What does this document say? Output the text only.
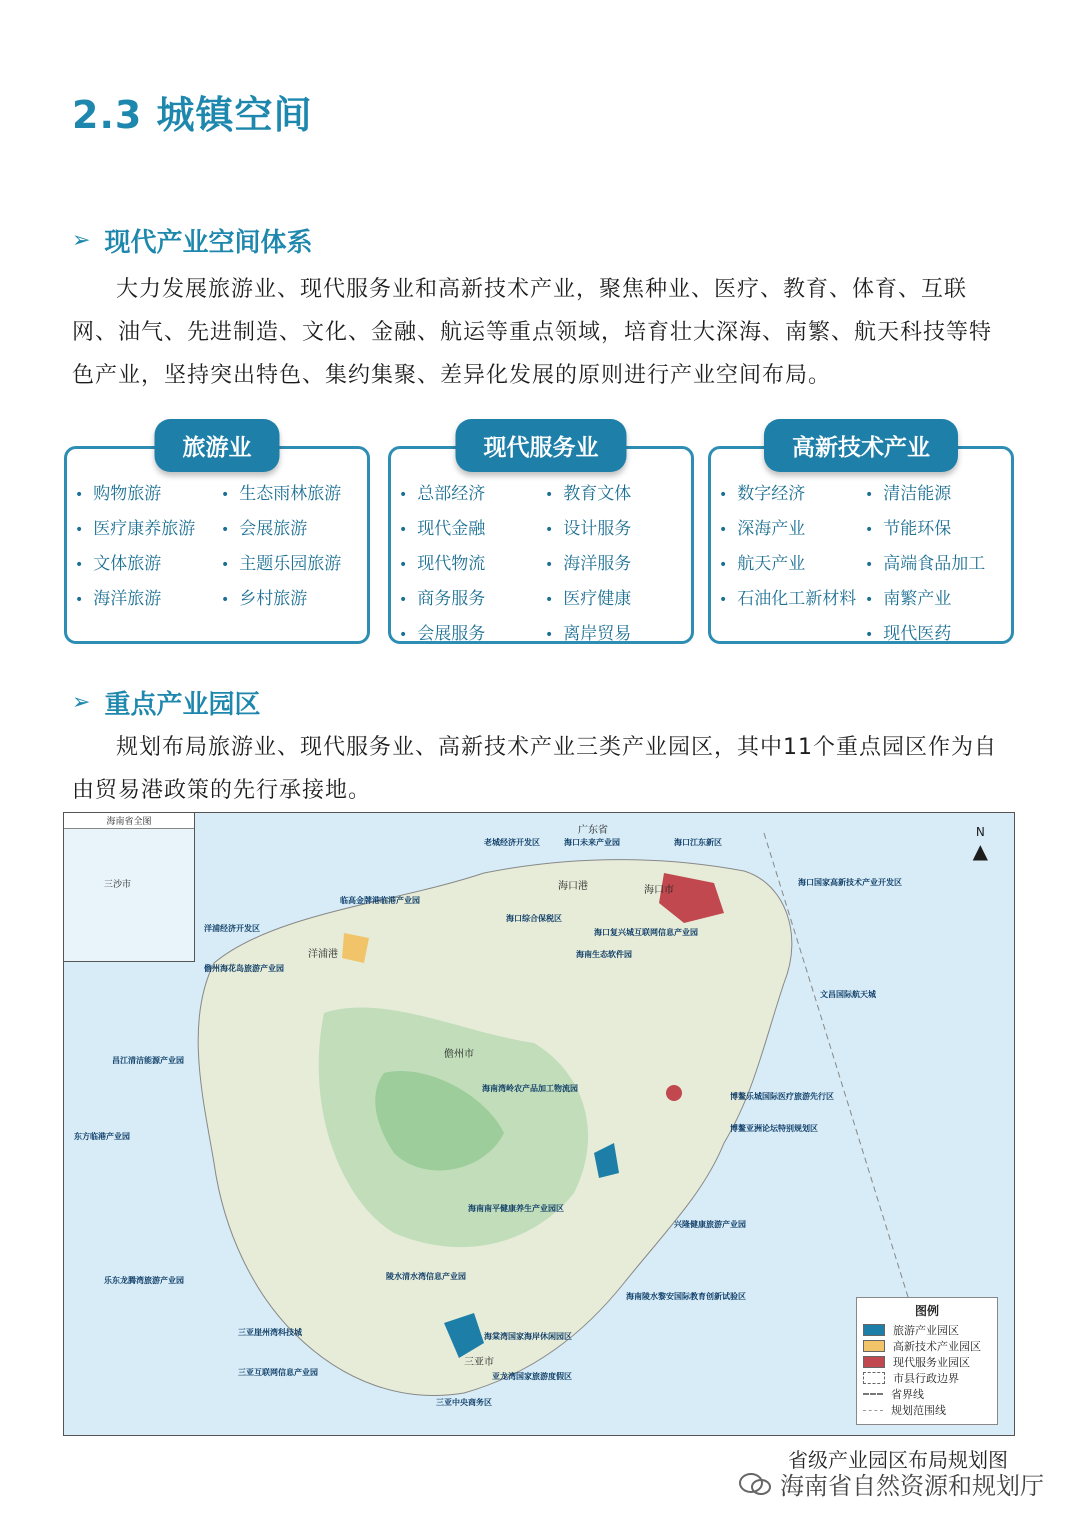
2.3 城镇空间
➢ 现代产业空间体系
大力发展旅游业、现代服务业和高新技术产业，聚焦种业、医疗、教育、体育、互联网、油气、先进制造、文化、金融、航运等重点领域，培育壮大深海、南繁、航天科技等特色产业，坚持突出特色、集约集聚、差异化发展的原则进行产业空间布局。
旅游业
• 购物旅游	• 生态雨林旅游
• 医疗康养旅游	• 会展旅游
• 文体旅游	• 主题乐园旅游
• 海洋旅游	• 乡村旅游
现代服务业
• 总部经济	• 教育文体
• 现代金融	• 设计服务
• 现代物流	• 海洋服务
• 商务服务	• 医疗健康
• 会展服务	• 离岸贸易
高新技术产业
• 数字经济	• 清洁能源
• 深海产业	• 节能环保
• 航天产业	• 高端食品加工
• 石油化工新材料 • 南繁产业
• 现代医药
➢ 重点产业园区
规划布局旅游业、现代服务业、高新技术产业三类产业园区，其中11个重点园区作为自由贸易港政策的先行承接地。
海南省全图
三沙市
N
▲
广东省
海口市
儋州市
三亚市
洋浦港
海口港
老城经济开发区	海口未来产业园	海口江东新区
海口国家高新技术产业开发区
临高金牌港临港产业园
洋浦经济开发区
儋州海花岛旅游产业园
海口综合保税区
海口复兴城互联网信息产业园
海南生态软件园
文昌国际航天城
昌江清洁能源产业园
海南湾岭农产品加工物流园
博鳌乐城国际医疗旅游先行区
博鳌亚洲论坛特别规划区
东方临港产业园
海南南平健康养生产业园区
兴隆健康旅游产业园
乐东龙腾湾旅游产业园	陵水清水湾信息产业园
海南陵水黎安国际教育创新试验区
三亚崖州湾科技城	海棠湾国家海岸休闲园区
三亚互联网信息产业园	亚龙湾国家旅游度假区
三亚中央商务区
图例
旅游产业园区
高新技术产业园区
现代服务业园区
市县行政边界
省界线
规划范围线
省级产业园区布局规划图
海南省自然资源和规划厅
